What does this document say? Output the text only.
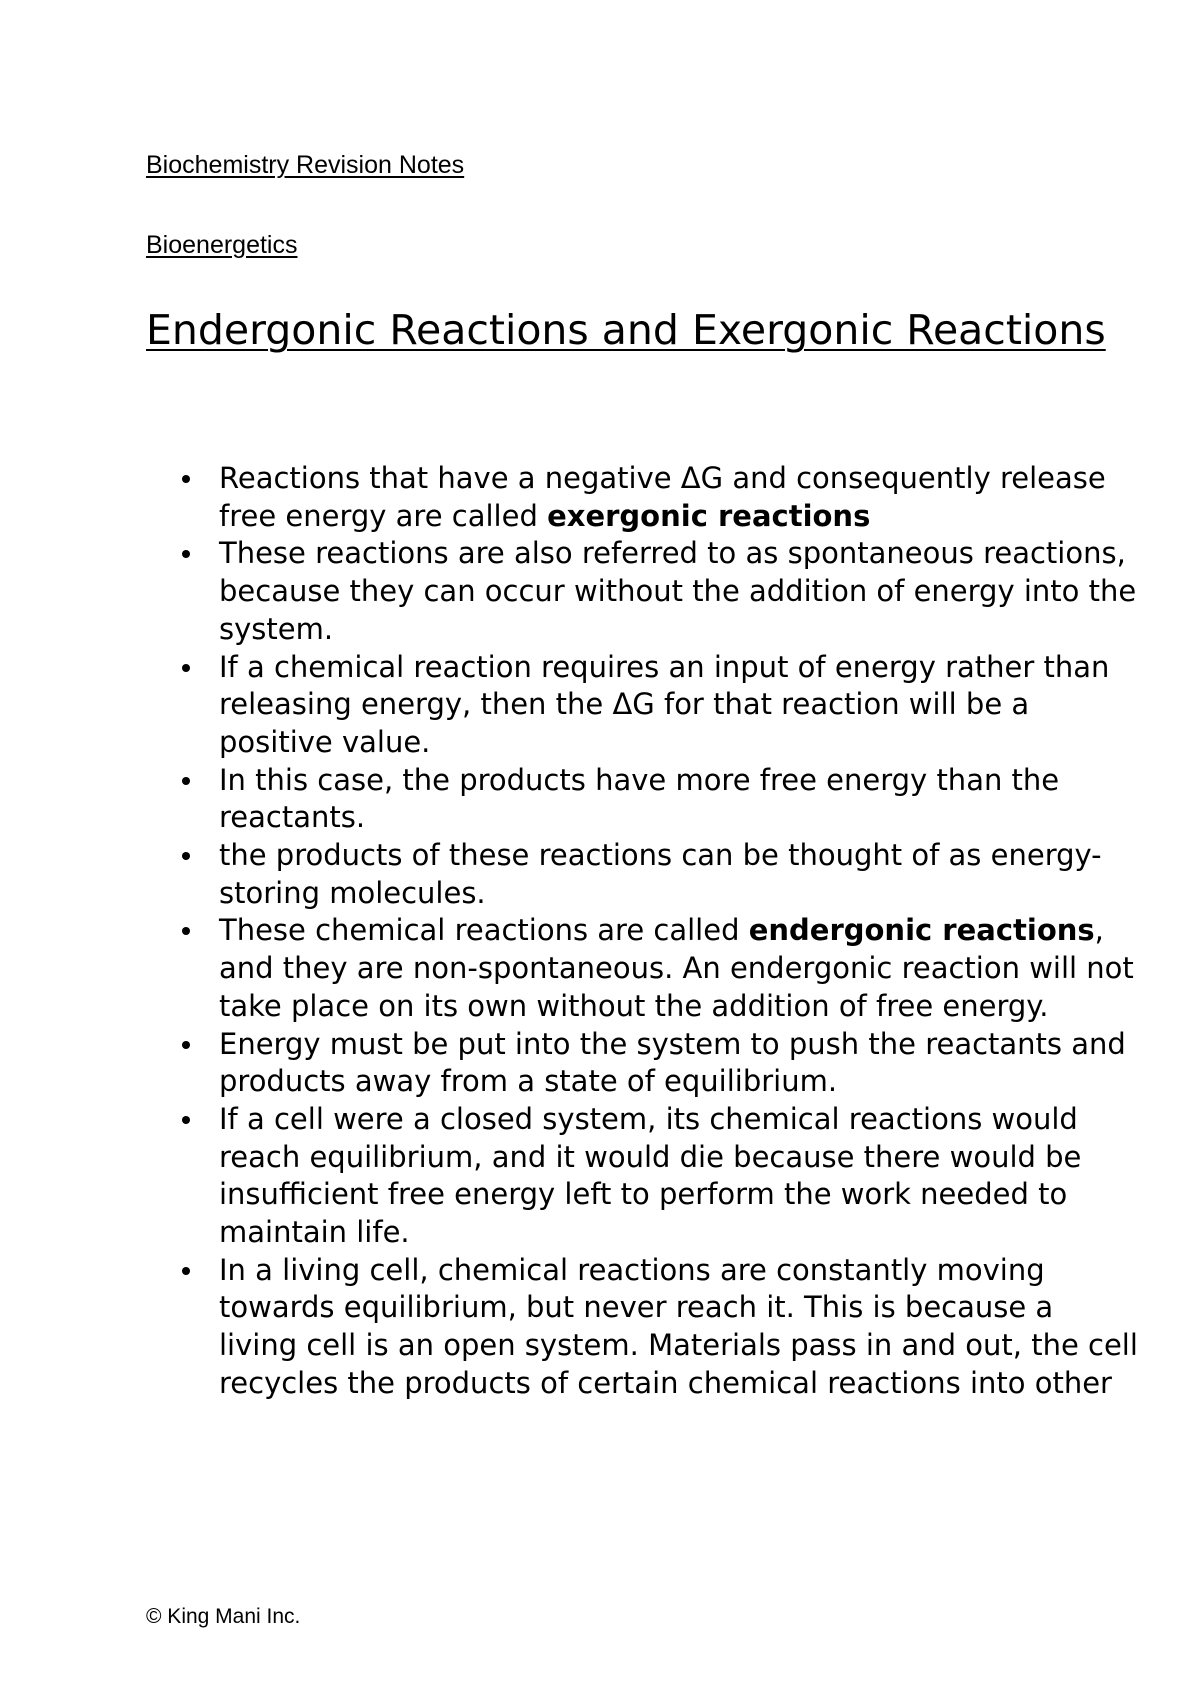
Biochemistry Revision Notes
Bioenergetics
Endergonic Reactions and Exergonic Reactions
Reactions that have a negative ΔG and consequently release free energy are called exergonic reactions
These reactions are also referred to as spontaneous reactions, because they can occur without the addition of energy into the system.
If a chemical reaction requires an input of energy rather than releasing energy, then the ΔG for that reaction will be a positive value.
In this case, the products have more free energy than the reactants.
the products of these reactions can be thought of as energy-storing molecules.
These chemical reactions are called endergonic reactions, and they are non-spontaneous. An endergonic reaction will not take place on its own without the addition of free energy.
Energy must be put into the system to push the reactants and products away from a state of equilibrium.
If a cell were a closed system, its chemical reactions would reach equilibrium, and it would die because there would be insufficient free energy left to perform the work needed to maintain life.
In a living cell, chemical reactions are constantly moving towards equilibrium, but never reach it. This is because a living cell is an open system. Materials pass in and out, the cell recycles the products of certain chemical reactions into other
© King Mani Inc.
